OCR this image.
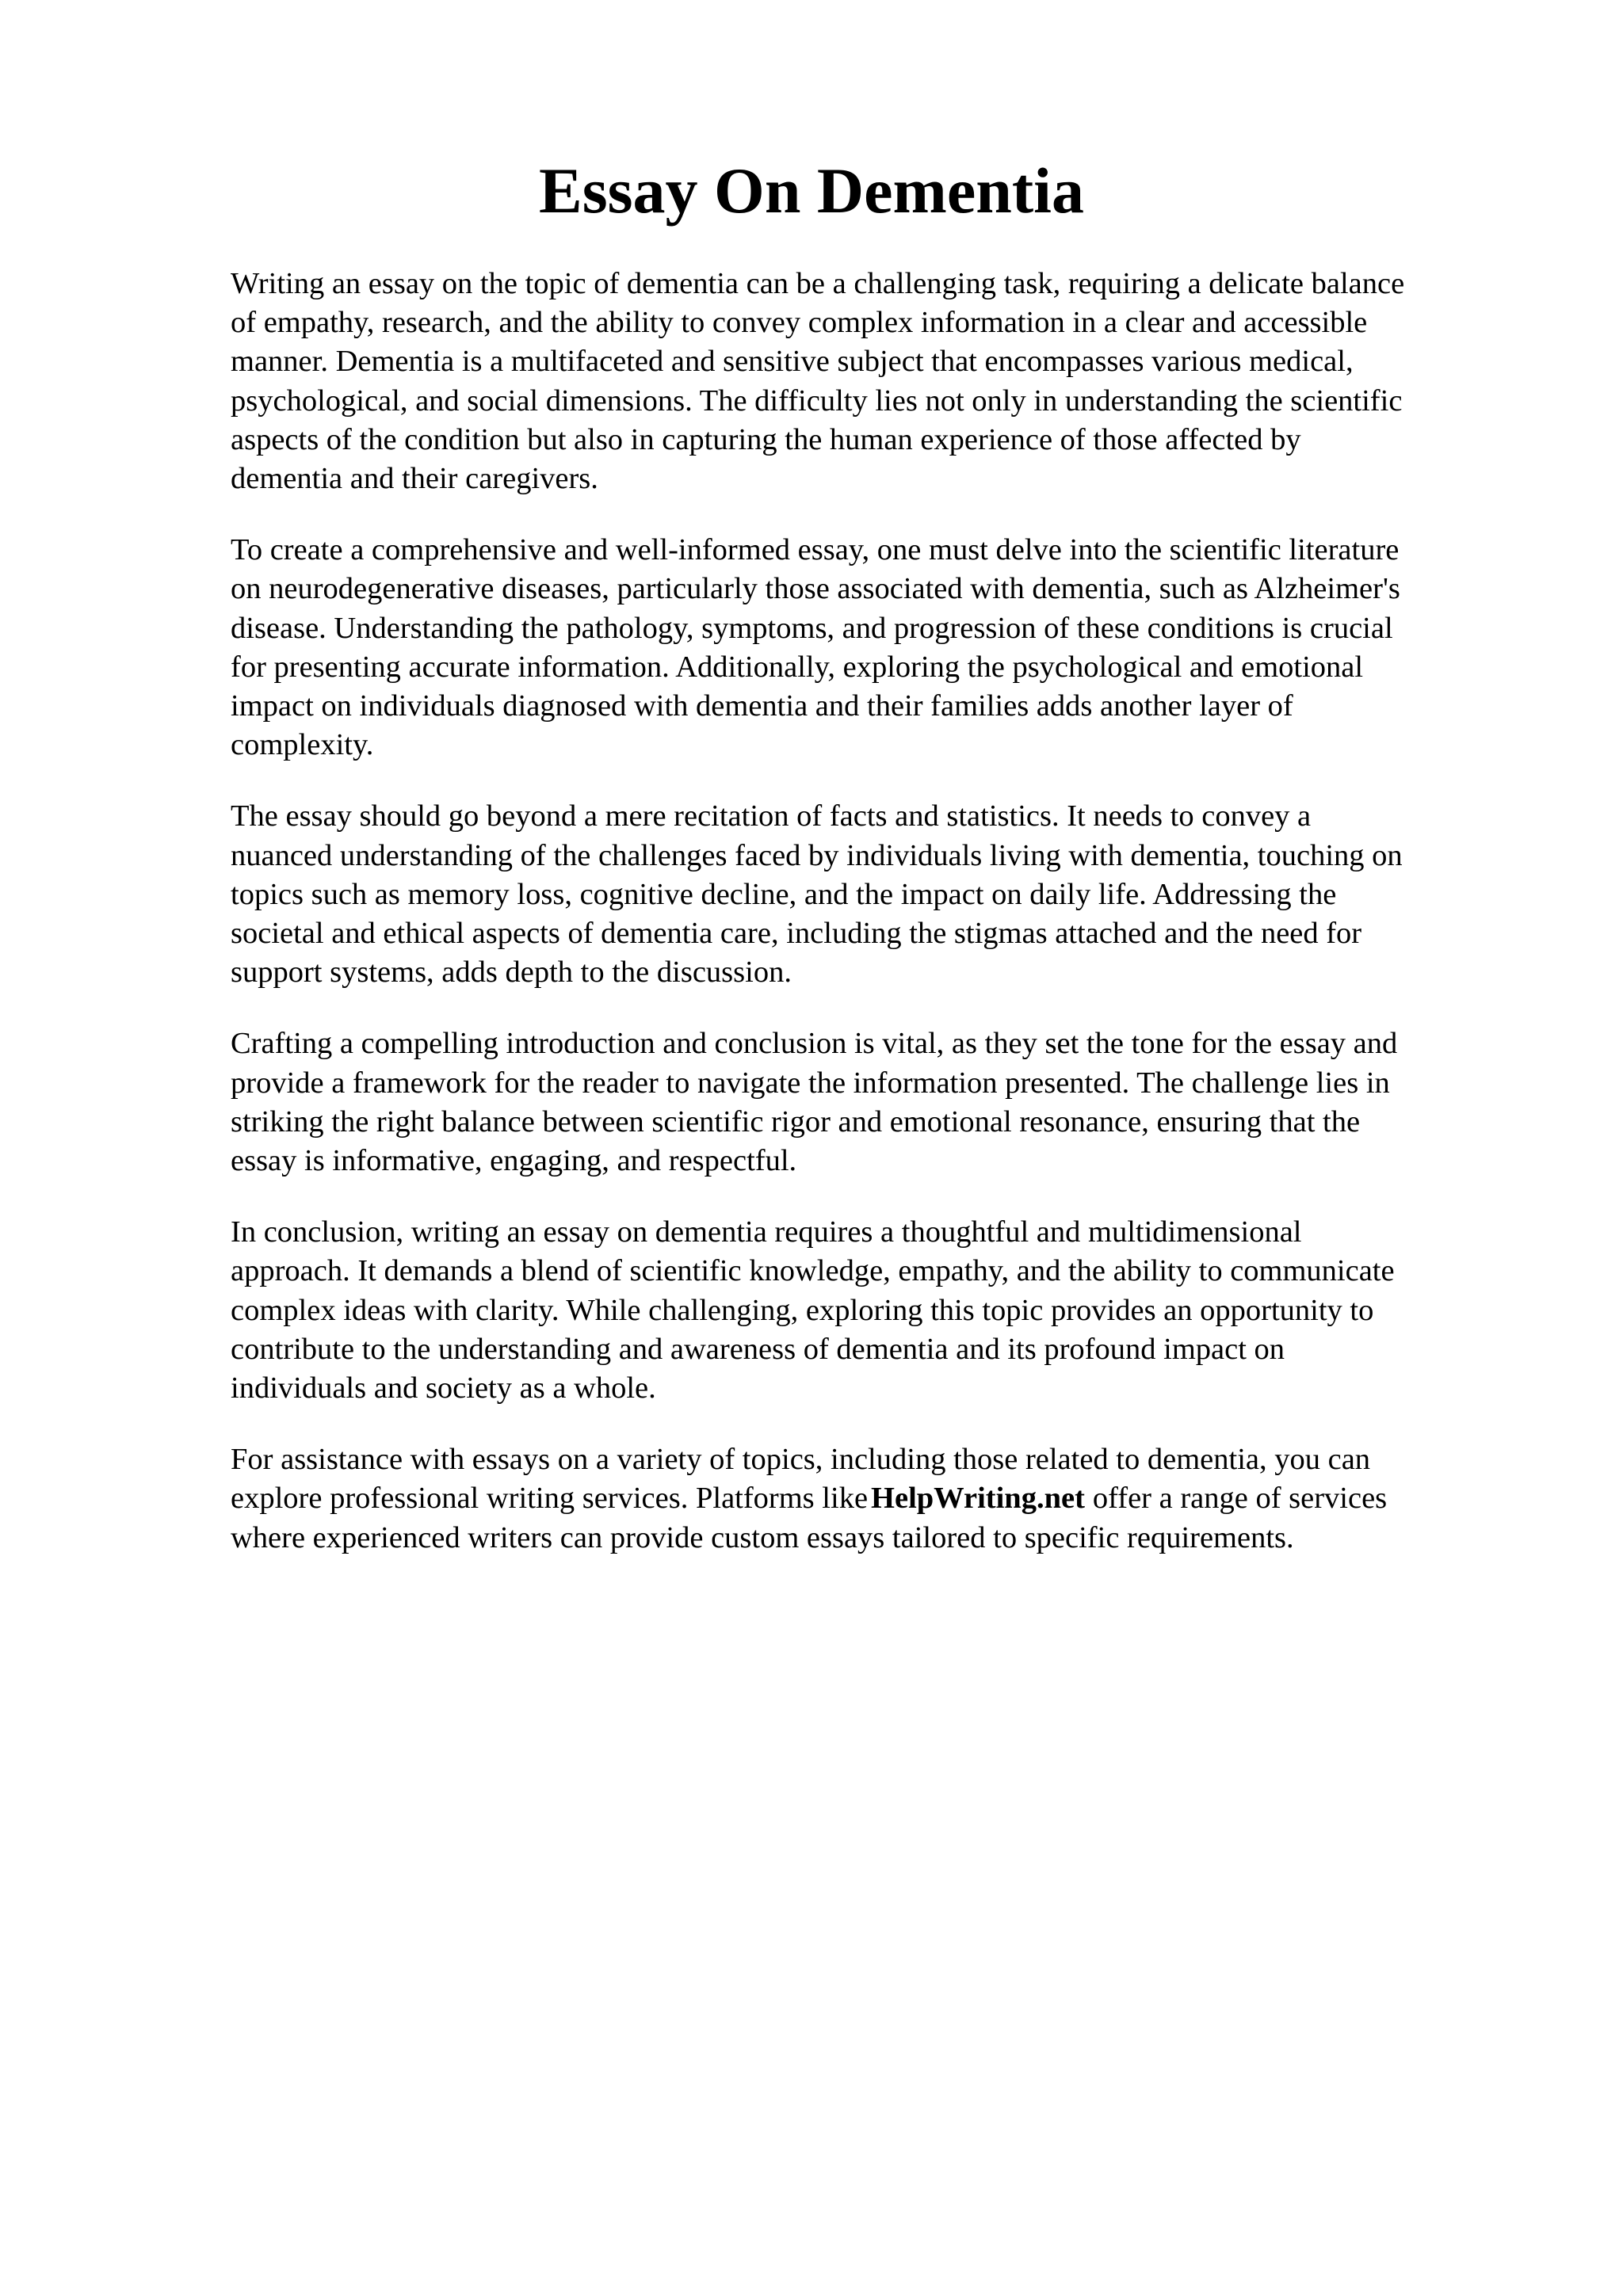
Essay On Dementia

Writing an essay on the topic of dementia can be a challenging task, requiring a delicate balance
of empathy, research, and the ability to convey complex information in a clear and accessible
manner. Dementia is a multifaceted and sensitive subject that encompasses various medical,
psychological, and social dimensions. The difficulty lies not only in understanding the scientific
aspects of the condition but also in capturing the human experience of those affected by
dementia and their caregivers.

To create a comprehensive and well-informed essay, one must delve into the scientific literature
on neurodegenerative diseases, particularly those associated with dementia, such as Alzheimer's
disease. Understanding the pathology, symptoms, and progression of these conditions is crucial
for presenting accurate information. Additionally, exploring the psychological and emotional
impact on individuals diagnosed with dementia and their families adds another layer of
complexity.

The essay should go beyond a mere recitation of facts and statistics. It needs to convey a
nuanced understanding of the challenges faced by individuals living with dementia, touching on
topics such as memory loss, cognitive decline, and the impact on daily life. Addressing the
societal and ethical aspects of dementia care, including the stigmas attached and the need for
support systems, adds depth to the discussion.

Crafting a compelling introduction and conclusion is vital, as they set the tone for the essay and
provide a framework for the reader to navigate the information presented. The challenge lies in
striking the right balance between scientific rigor and emotional resonance, ensuring that the
essay is informative, engaging, and respectful.

In conclusion, writing an essay on dementia requires a thoughtful and multidimensional
approach. It demands a blend of scientific knowledge, empathy, and the ability to communicate
complex ideas with clarity. While challenging, exploring this topic provides an opportunity to
contribute to the understanding and awareness of dementia and its profound impact on
individuals and society as a whole.

For assistance with essays on a variety of topics, including those related to dementia, you can
explore professional writing services. Platforms like HelpWriting.net offer a range of services
where experienced writers can provide custom essays tailored to specific requirements.
